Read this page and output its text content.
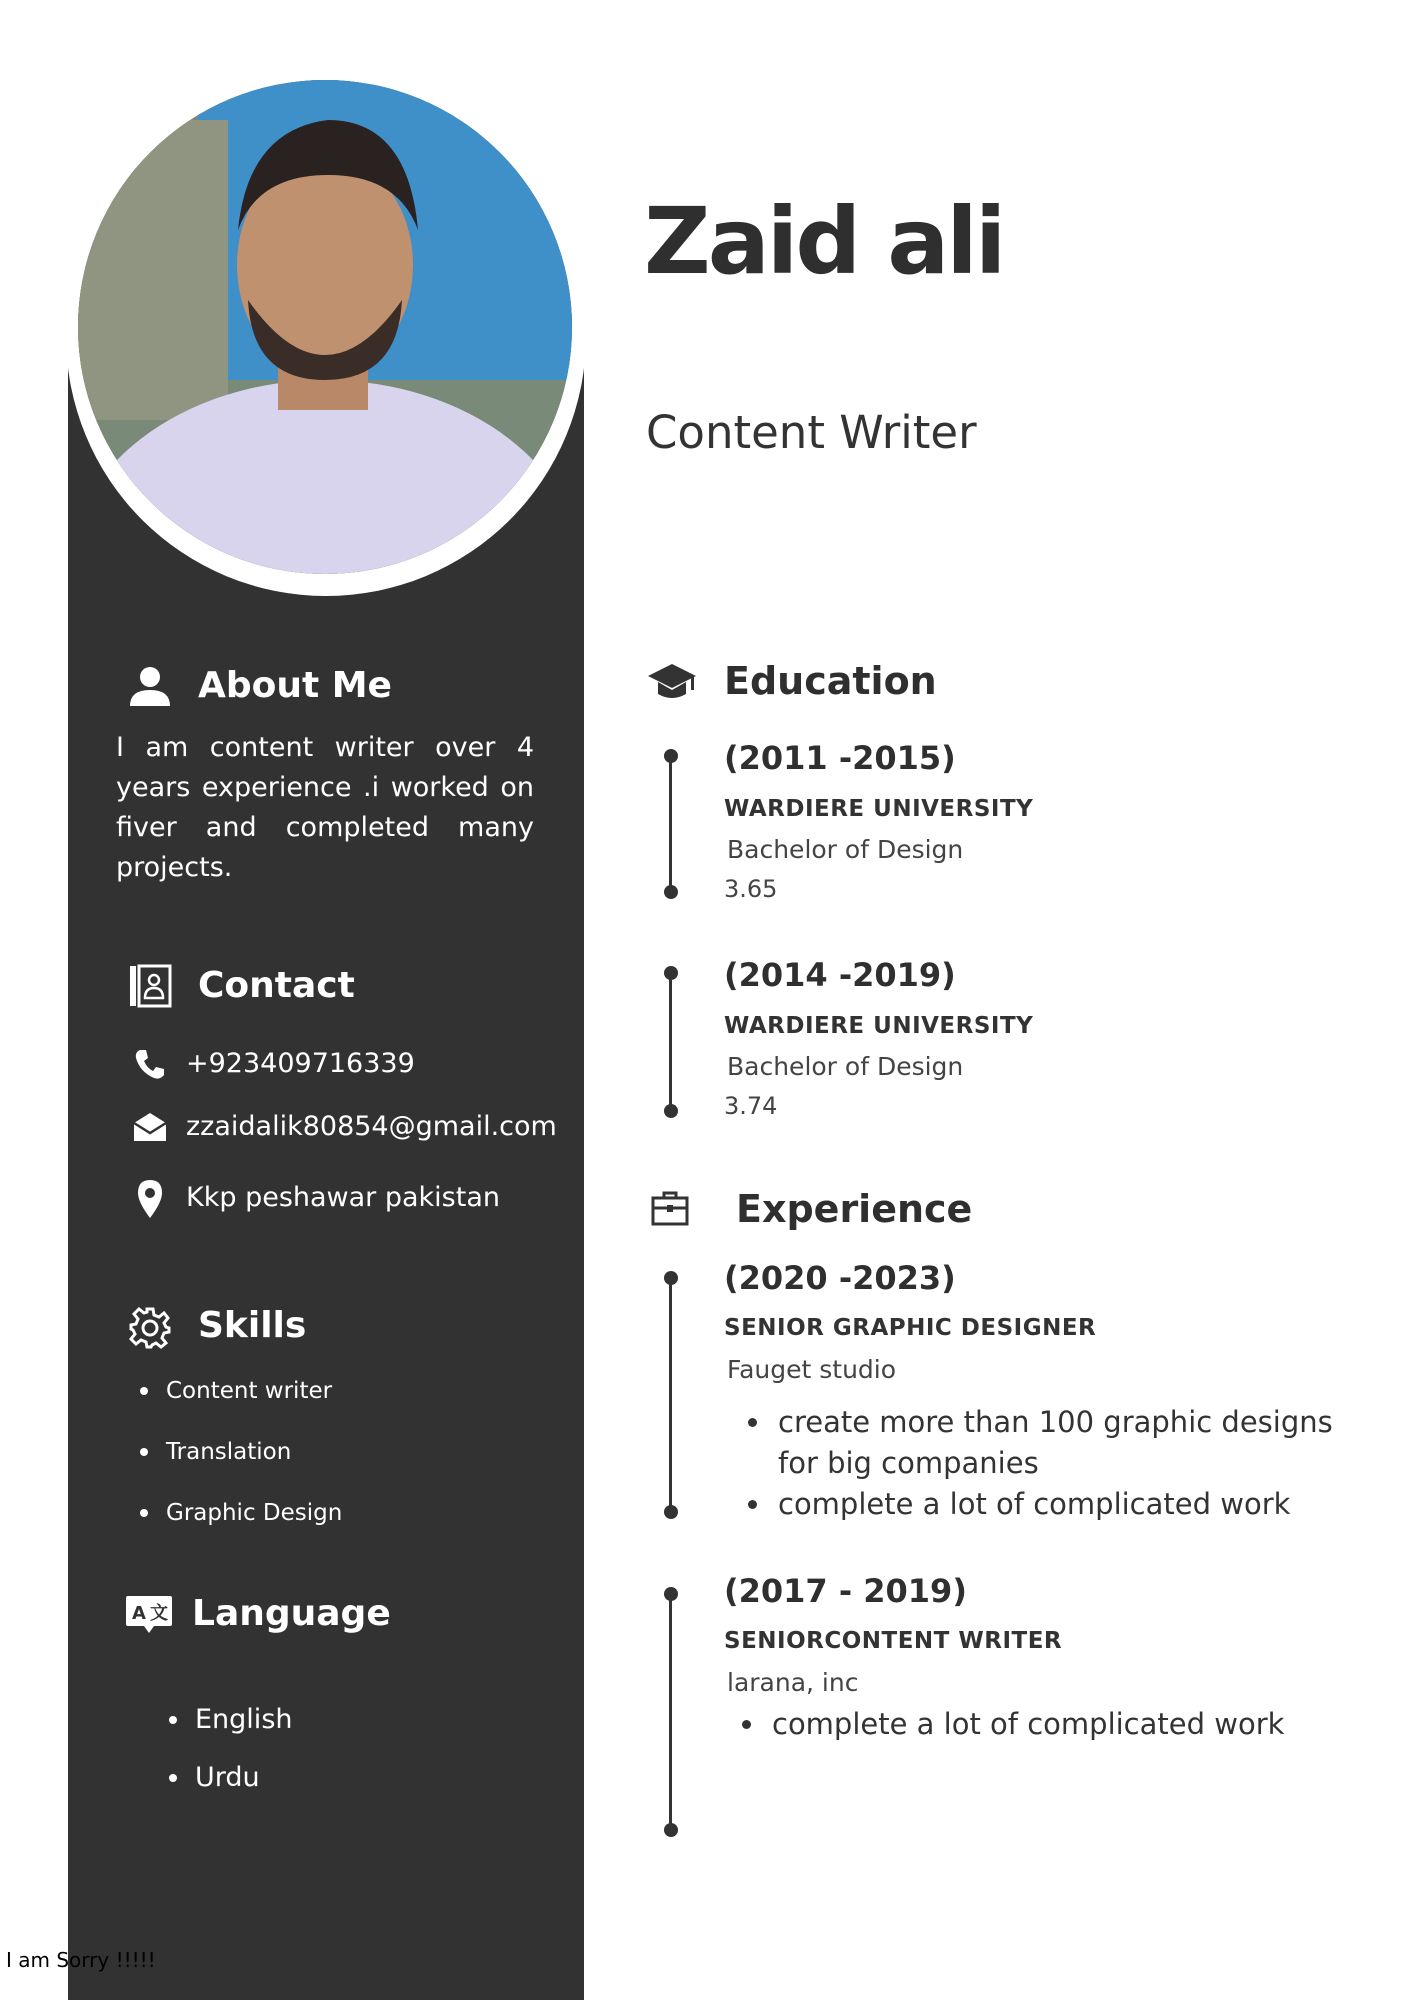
Zaid ali
Content Writer
About Me

I am content writer over 4 years experience .i worked on fiver and completed many projects.

Contact
+923409716339
zzaidalik80854@gmail.com
Kkp peshawar pakistan
Skills
Content writer
Translation
Graphic Design
A 文 Language
English
Urdu
Education
(2011 -2015)
WARDIERE UNIVERSITY
Bachelor of Design
3.65
(2014 -2019)
WARDIERE UNIVERSITY
Bachelor of Design
3.74
Experience
(2020 -2023)
SENIOR GRAPHIC DESIGNER
Fauget studio
create more than 100 graphic designs for big companies
complete a lot of complicated work
(2017 - 2019)
SENIORCONTENT WRITER
larana, inc
complete a lot of complicated work
I am Sorry !!!!!
